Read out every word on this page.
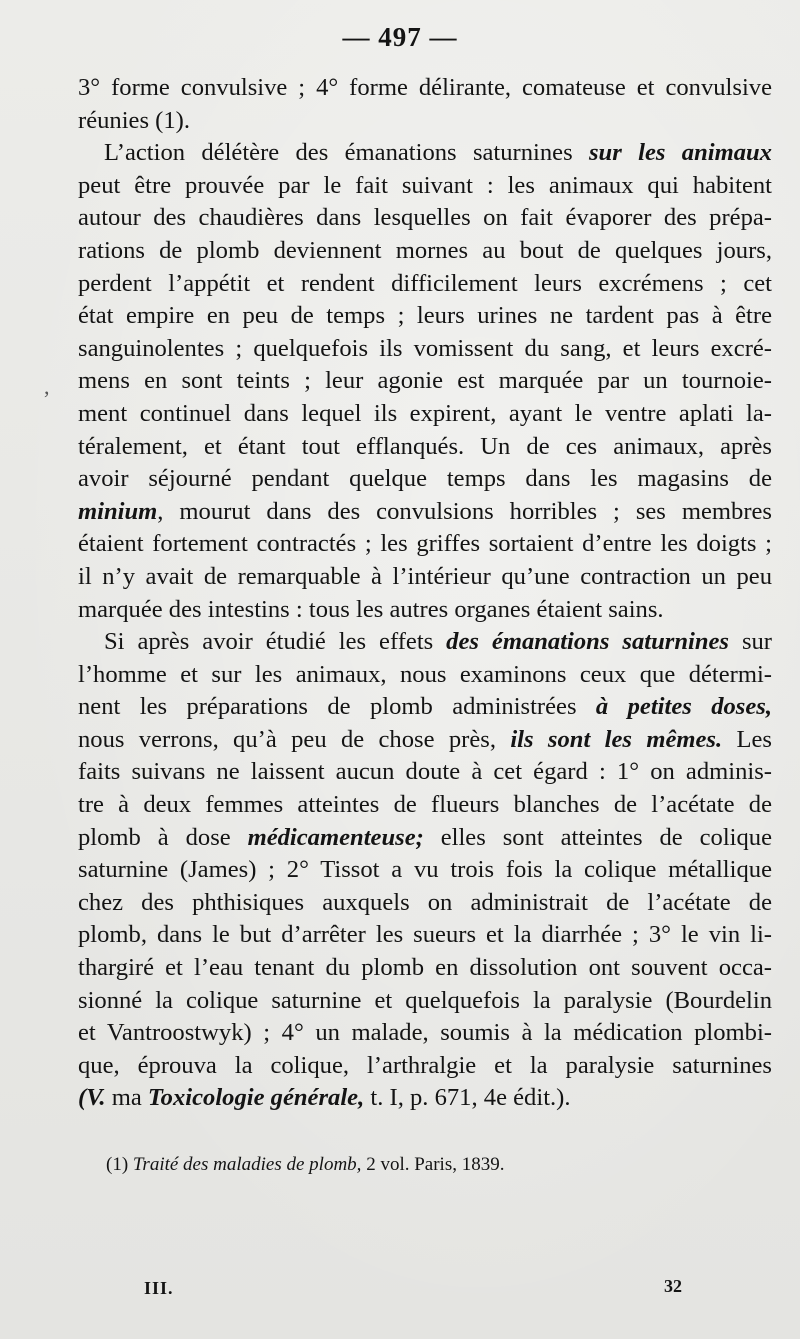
— 497 —
,
3° forme convulsive ; 4° forme délirante, comateuse et convulsive
réunies (1).
L’action délétère des émanations saturnines sur les animaux
peut être prouvée par le fait suivant : les animaux qui habitent
autour des chaudières dans lesquelles on fait évaporer des prépa-
rations de plomb deviennent mornes au bout de quelques jours,
perdent l’appétit et rendent difficilement leurs excrémens ; cet
état empire en peu de temps ; leurs urines ne tardent pas à être
sanguinolentes ; quelquefois ils vomissent du sang, et leurs excré-
mens en sont teints ; leur agonie est marquée par un tournoie-
ment continuel dans lequel ils expirent, ayant le ventre aplati la-
téralement, et étant tout efflanqués. Un de ces animaux, après
avoir séjourné pendant quelque temps dans les magasins de
minium, mourut dans des convulsions horribles ; ses membres
étaient fortement contractés ; les griffes sortaient d’entre les doigts ;
il n’y avait de remarquable à l’intérieur qu’une contraction un peu
marquée des intestins : tous les autres organes étaient sains.
Si après avoir étudié les effets des émanations saturnines sur
l’homme et sur les animaux, nous examinons ceux que détermi-
nent les préparations de plomb administrées à petites doses,
nous verrons, qu’à peu de chose près, ils sont les mêmes. Les
faits suivans ne laissent aucun doute à cet égard : 1° on adminis-
tre à deux femmes atteintes de flueurs blanches de l’acétate de
plomb à dose médicamenteuse; elles sont atteintes de colique
saturnine (James) ; 2° Tissot a vu trois fois la colique métallique
chez des phthisiques auxquels on administrait de l’acétate de
plomb, dans le but d’arrêter les sueurs et la diarrhée ; 3° le vin li-
thargiré et l’eau tenant du plomb en dissolution ont souvent occa-
sionné la colique saturnine et quelquefois la paralysie (Bourdelin
et Vantroostwyk) ; 4° un malade, soumis à la médication plombi-
que, éprouva la colique, l’arthralgie et la paralysie saturnines
(V. ma Toxicologie générale, t. I, p. 671, 4e édit.).
(1) Traité des maladies de plomb, 2 vol. Paris, 1839.
III.	32
